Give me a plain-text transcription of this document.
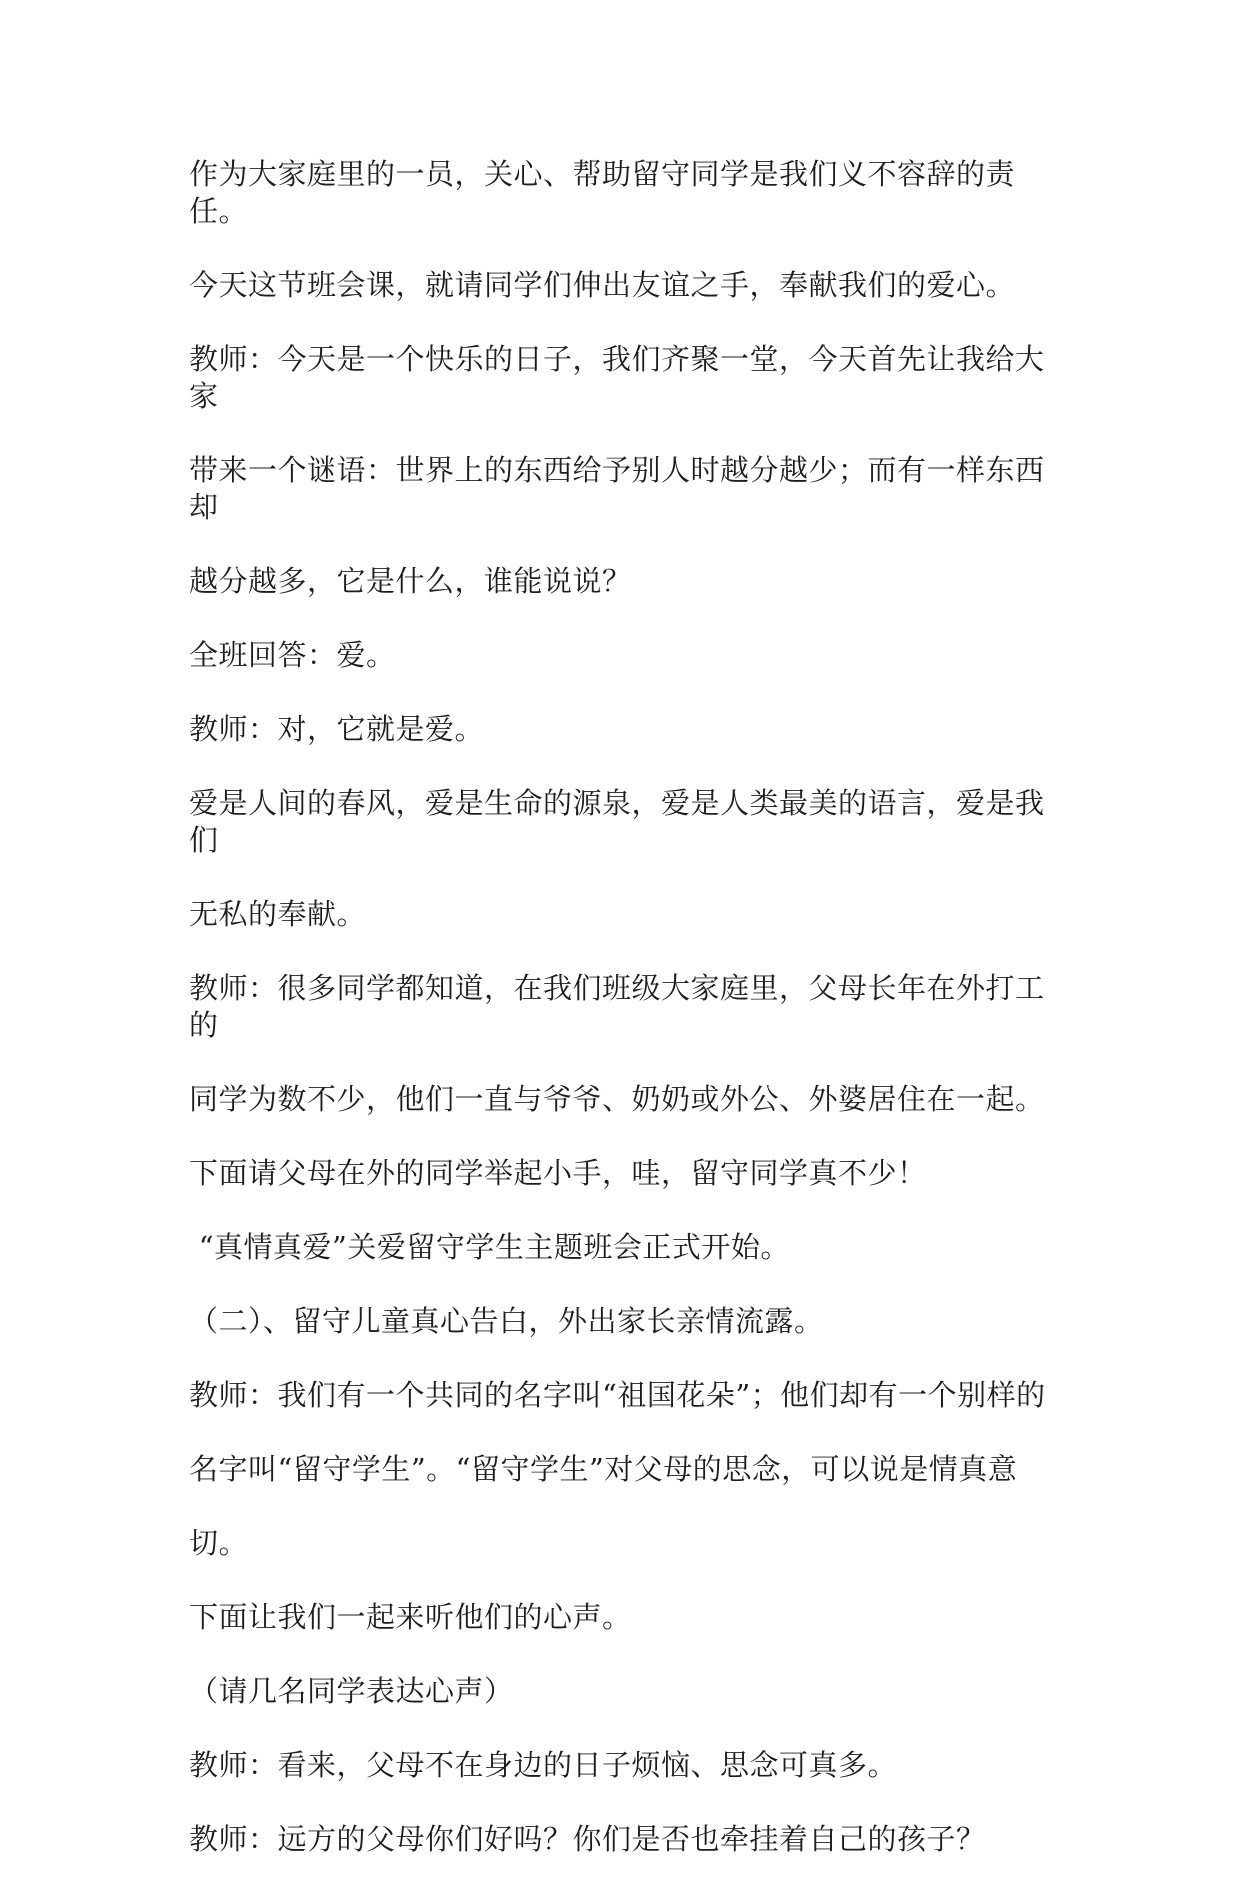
作为大家庭里的一员，关心、帮助留守同学是我们义不容辞的责任。

今天这节班会课，就请同学们伸出友谊之手，奉献我们的爱心。

教师：今天是一个快乐的日子，我们齐聚一堂，今天首先让我给大家

带来一个谜语：世界上的东西给予别人时越分越少；而有一样东西却

越分越多，它是什么，谁能说说？

全班回答：爱。

教师：对，它就是爱。

爱是人间的春风，爱是生命的源泉，爱是人类最美的语言，爱是我们

无私的奉献。

教师：很多同学都知道，在我们班级大家庭里，父母长年在外打工的

同学为数不少，他们一直与爷爷、奶奶或外公、外婆居住在一起。

下面请父母在外的同学举起小手，哇，留守同学真不少！

“真情真爱”关爱留守学生主题班会正式开始。

（二）、留守儿童真心告白，外出家长亲情流露。

教师：我们有一个共同的名字叫“祖国花朵”；他们却有一个别样的

名字叫“留守学生”。“留守学生”对父母的思念，可以说是情真意

切。

下面让我们一起来听他们的心声。

（请几名同学表达心声）

教师：看来，父母不在身边的日子烦恼、思念可真多。

教师：远方的父母你们好吗？你们是否也牵挂着自己的孩子？
